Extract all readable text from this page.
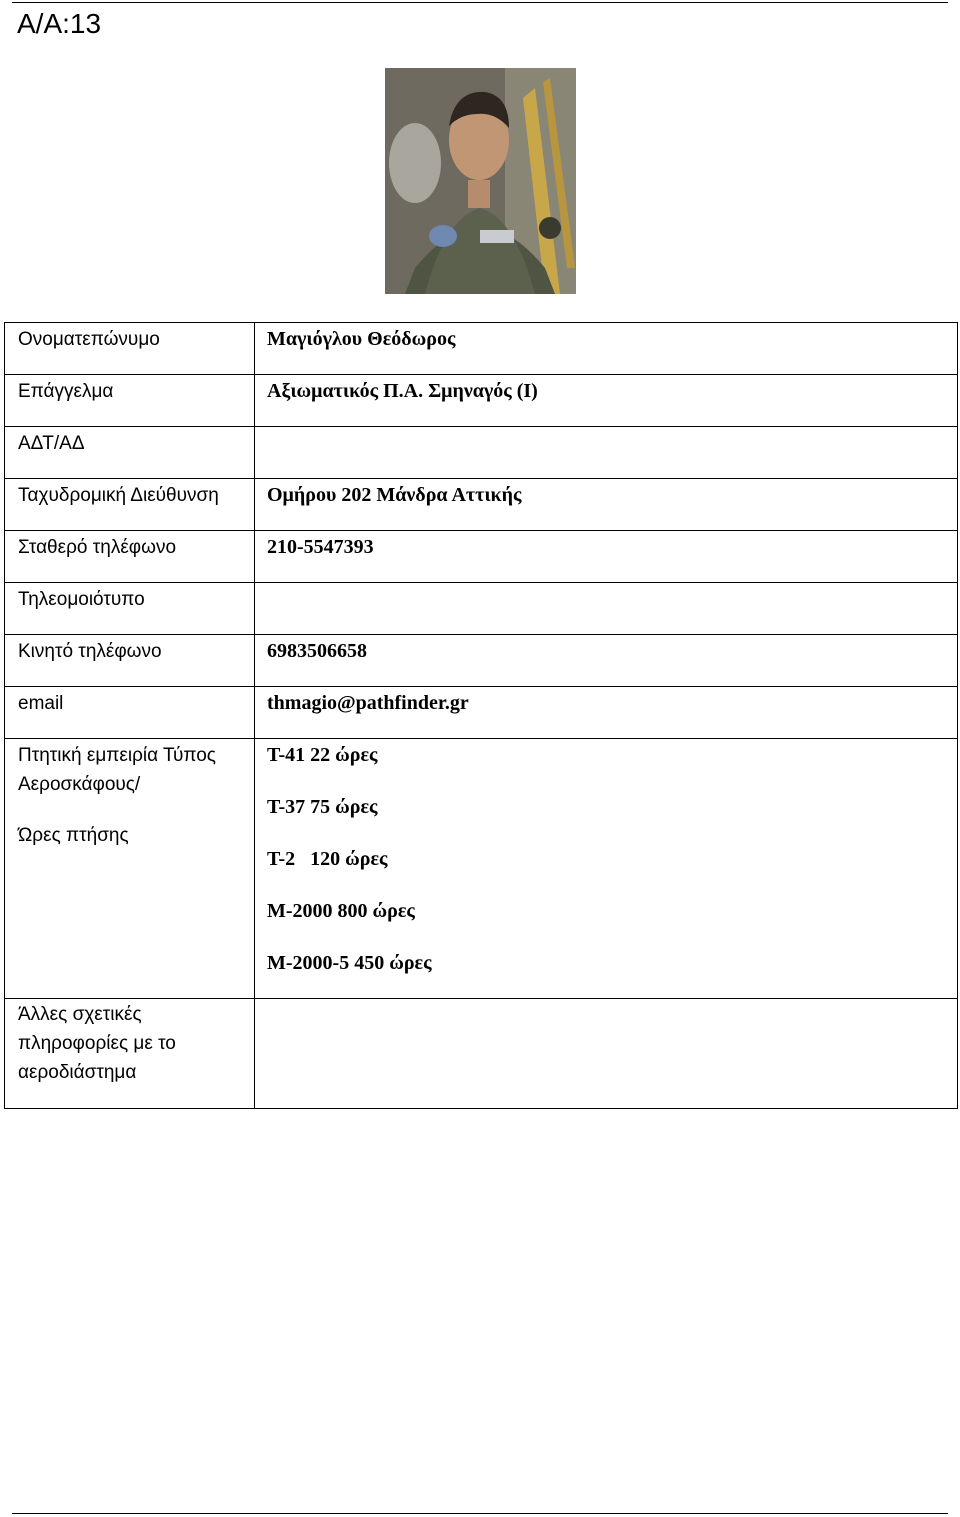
Α/Α:13
Ονοματεπώνυμο	Μαγιόγλου Θεόδωρος

Επάγγελμα	Αξιωματικός Π.Α. Σμηναγός (Ι)

ΑΔΤ/ΑΔ	

Ταχυδρομική Διεύθυνση	Ομήρου 202 Μάνδρα Αττικής

Σταθερό τηλέφωνο	210-5547393

Τηλεομοιότυπο	

Κινητό τηλέφωνο	6983506658

email	thmagio@pathfinder.gr

Πτητική εμπειρία Τύπος
Αεροσκάφους/
Ώρες πτήσης	Τ-41 22 ώρες
Τ-37 75 ώρες
Τ-2   120 ώρες
Μ-2000 800 ώρες
Μ-2000-5 450 ώρες

Άλλες σχετικές
πληροφορίες με το
αεροδιάστημα	
